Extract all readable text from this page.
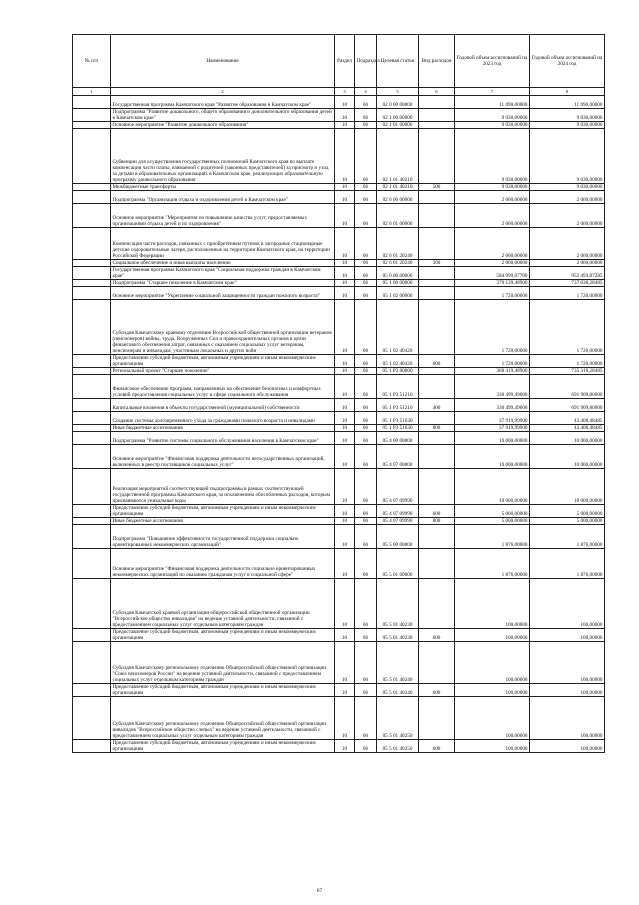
№ п/п	Наименование	Раздел	Подраздел	Целевая статья	Вид расходов	Годовой объем ассигнований на 2023 год	Годовой объем ассигнований на 2024 год
1	2	3	4	5	6	7	8
	Государственная программа Камчатского края "Развитие образования в Камчатском крае"	10	06	02 0 00 00000		11 090,00000	11 090,00000
	Подпрограмма "Развитие дошкольного, общего образования и дополнительного образования детей в Камчатском крае"	10	06	02 1 00 00000		9 030,00000	9 030,00000
	Основное мероприятие "Развитие дошкольного образования"	10	06	02 1 01 00000		9 030,00000	9 030,00000
	Субвенции для осуществления государственных полномочий Камчатского края по выплате компенсации части платы, взимаемой с родителей (законных представителей) за присмотр и уход за детьми в образовательных организациях в Камчатском крае, реализующих образовательную программу дошкольного образования	10	06	02 1 01 40210		9 030,00000	9 030,00000
	Межбюджетные трансферты	10	06	02 1 01 40210	500	9 030,00000	9 030,00000
	Подпрограмма "Организация отдыха и оздоровления детей в Камчатском крае"	10	06	02 6 00 00000		2 060,00000	2 060,00000
	Основное мероприятие "Мероприятия по повышению качества услуг, предоставляемых организациями отдыха детей и их оздоровления"	10	06	02 6 01 00000		2 060,00000	2 060,00000
	Компенсация части расходов, связанных с приобретением путевок в загородные стационарные детские оздоровительные лагеря, расположенные на территории Камчатского края, на территории Российской Федерации	10	06	02 6 01 20240		2 060,00000	2 060,00000
	Социальное обеспечение и иные выплаты населению	10	06	02 6 01 20240	300	2 060,00000	2 060,00000
	Государственная программа Камчатского края "Социальная поддержка граждан в Камчатском крае"	10	06	05 0 00 00000		584 999,07700	952 493,87285
	Подпрограмма "Старшее поколение в Камчатском крае"	10	06	05 1 00 00000		370 139,48900	737 038,28485
	Основное мероприятие "Укрепление социальной защищенности граждан пожилого возраста"	10	06	05 1 02 00000		1 720,00000	1 720,00000
	Субсидия Камчатскому краевому отделению Всероссийской общественной организации ветеранов (пенсионеров) войны, труда, Вооруженных Сил и правоохранительных органов в целях финансового обеспечения затрат, связанных с оказанием социальных услуг ветеранам, пенсионерам и инвалидам, участникам локальных и других войн	10	06	05 1 02 40420		1 720,00000	1 720,00000
	Предоставление субсидий бюджетным, автономным учреждениям и иным некоммерческим организациям	10	06	05 1 02 40420	600	1 720,00000	1 720,00000
	Региональный проект "Старшее поколение"	10	06	05 1 P3 00000		368 419,48900	735 318,28485
	Финансовое обеспечение программ, направленных на обеспечение безопасных и комфортных условий предоставления социальных услуг в сфере социального обслуживания	10	06	05 1 P3 51210		330 499,49000	691 909,80000
	Капитальные вложения в объекты государственной (муниципальной) собственности	10	06	05 1 P3 51210	400	330 499,49000	691 909,80000
	Создание системы долговременного ухода за гражданами пожилого возраста и инвалидами	10	06	05 1 P3 51630		37 919,99900	43 408,48485
	Иные бюджетные ассигнования	10	06	05 1 P3 51630	800	37 919,99900	43 408,48485
	Подпрограмма "Развитие системы социального обслуживания населения в Камчатском крае"	10	06	05 4 00 00000		10 000,00000	10 000,00000
	Основное мероприятие "Финансовая поддержка деятельности негосударственных организаций, включенных в реестр поставщиков социальных услуг"	10	06	05 4 07 00000		10 000,00000	10 000,00000
	Реализация мероприятий соответствующей подпрограммы в рамках соответствующей государственной программы Камчатского края, за исключением обособленных расходов, которым присваиваются уникальные коды	10	06	05 4 07 09990		10 000,00000	10 000,00000
	Предоставление субсидий бюджетным, автономным учреждениям и иным некоммерческим организациям	10	06	05 4 07 09990	600	5 000,00000	5 000,00000
	Иные бюджетные ассигнования	10	06	05 4 07 09990	800	5 000,00000	5 000,00000
	Подпрограмма "Повышение эффективности государственной поддержки социально ориентированных некоммерческих организаций"	10	06	05 5 00 00000		1 876,00000	1 876,00000
	Основное мероприятие "Финансовая поддержка деятельности социально ориентированных некоммерческих организаций по оказанию гражданам услуг в социальной сфере"	10	06	05 5 01 00000		1 876,00000	1 876,00000
	Субсидия Камчатской краевой организации общероссийской общественной организации "Всероссийское общество инвалидов" на ведение уставной деятельности, связанной с предоставлением социальных услуг отдельным категориям граждан	10	06	05 5 01 40230		100,00000	100,00000
	Предоставление субсидий бюджетным, автономным учреждениям и иным некоммерческим организациям	10	06	05 5 01 40230	600	100,00000	100,00000
	Субсидия Камчатскому региональному отделению Общероссийской общественной организации "Союз пенсионеров России" на ведение уставной деятельности, связанной с предоставлением социальных услуг отдельным категориям граждан	10	06	05 5 01 40240		100,00000	100,00000
	Предоставление субсидий бюджетным, автономным учреждениям и иным некоммерческим организациям	10	06	05 5 01 40240	600	100,00000	100,00000
	Субсидия Камчатскому региональному отделению Общероссийской общественной организации инвалидов "Всероссийское общество слепых" на ведение уставной деятельности, связанной с предоставлением социальных услуг отдельным категориям граждан	10	06	05 5 01 40250		100,00000	100,00000
	Предоставление субсидий бюджетным, автономным учреждениям и иным некоммерческим организациям	10	06	05 5 01 40250	600	100,00000	100,00000
67
